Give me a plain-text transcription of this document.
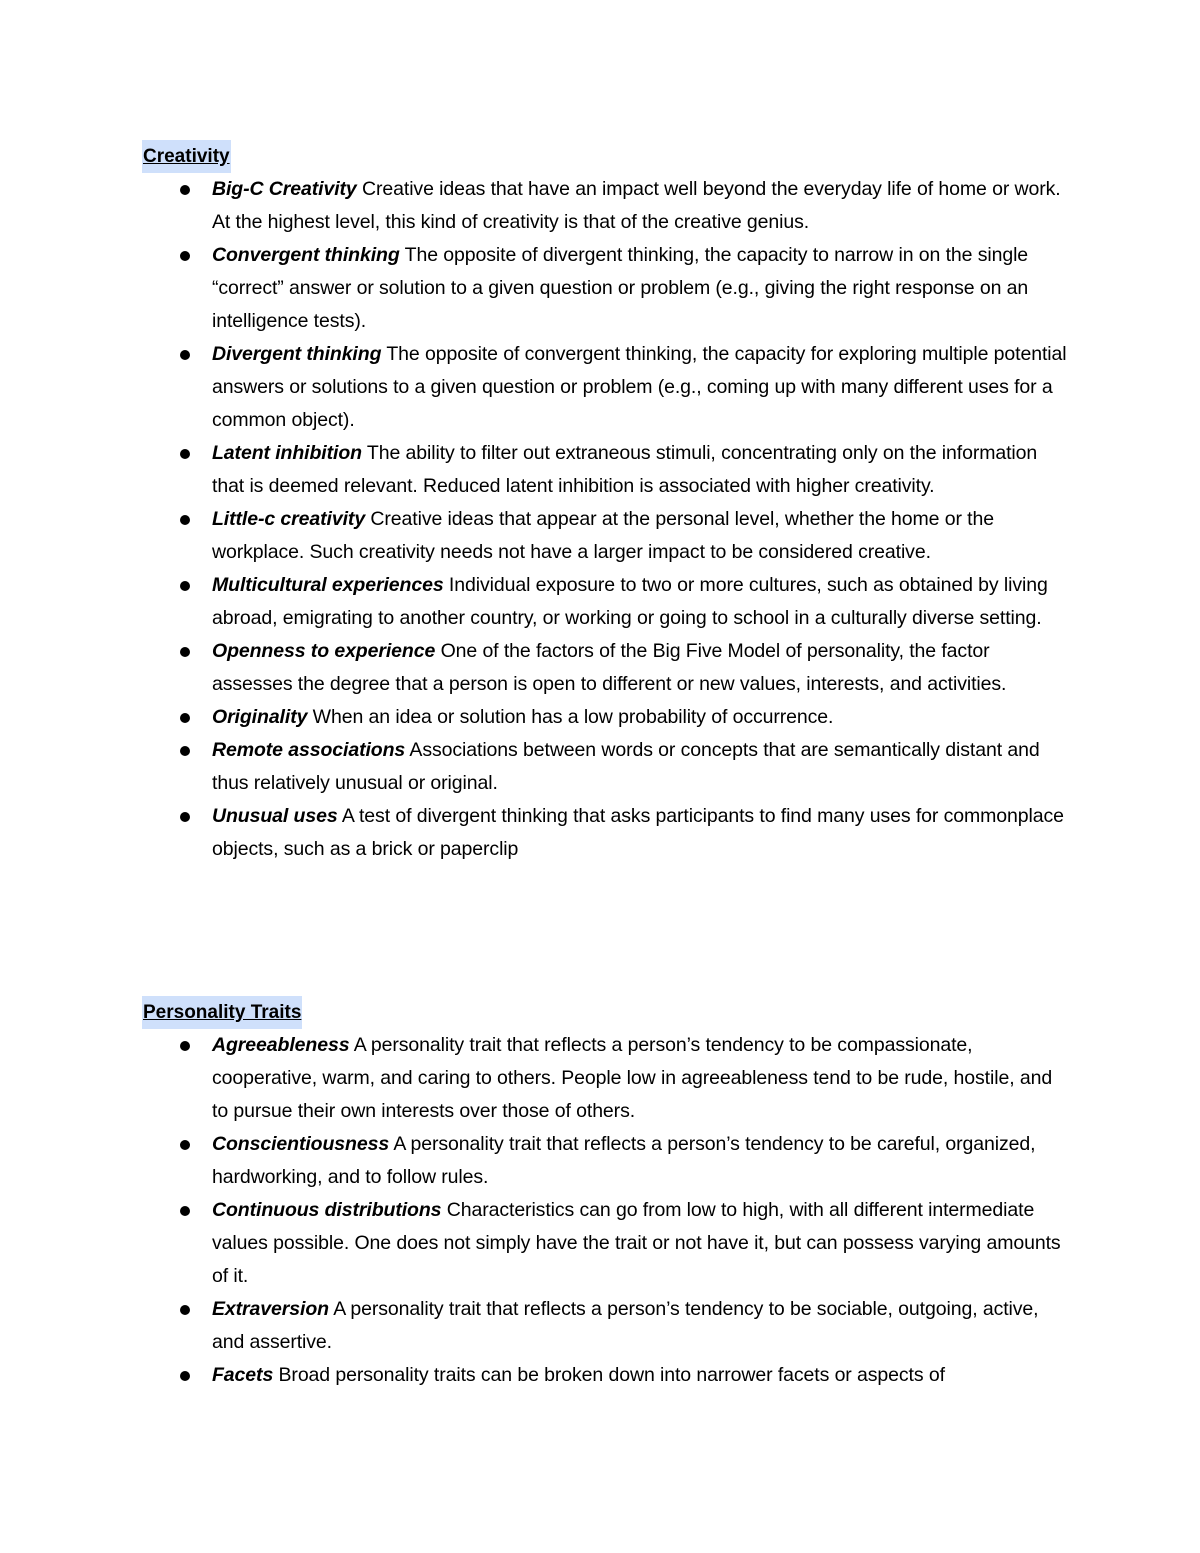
Creativity
Big-C Creativity Creative ideas that have an impact well beyond the everyday life of home or work. At the highest level, this kind of creativity is that of the creative genius.
Convergent thinking The opposite of divergent thinking, the capacity to narrow in on the single “correct” answer or solution to a given question or problem (e.g., giving the right response on an intelligence tests).
Divergent thinking The opposite of convergent thinking, the capacity for exploring multiple potential answers or solutions to a given question or problem (e.g., coming up with many different uses for a common object).
Latent inhibition The ability to filter out extraneous stimuli, concentrating only on the information that is deemed relevant. Reduced latent inhibition is associated with higher creativity.
Little-c creativity Creative ideas that appear at the personal level, whether the home or the workplace. Such creativity needs not have a larger impact to be considered creative.
Multicultural experiences Individual exposure to two or more cultures, such as obtained by living abroad, emigrating to another country, or working or going to school in a culturally diverse setting.
Openness to experience One of the factors of the Big Five Model of personality, the factor assesses the degree that a person is open to different or new values, interests, and activities.
Originality When an idea or solution has a low probability of occurrence.
Remote associations Associations between words or concepts that are semantically distant and thus relatively unusual or original.
Unusual uses A test of divergent thinking that asks participants to find many uses for commonplace objects, such as a brick or paperclip
Personality Traits
Agreeableness A personality trait that reflects a person’s tendency to be compassionate, cooperative, warm, and caring to others. People low in agreeableness tend to be rude, hostile, and to pursue their own interests over those of others.
Conscientiousness A personality trait that reflects a person’s tendency to be careful, organized, hardworking, and to follow rules.
Continuous distributions Characteristics can go from low to high, with all different intermediate values possible. One does not simply have the trait or not have it, but can possess varying amounts of it.
Extraversion A personality trait that reflects a person’s tendency to be sociable, outgoing, active, and assertive.
Facets Broad personality traits can be broken down into narrower facets or aspects of
